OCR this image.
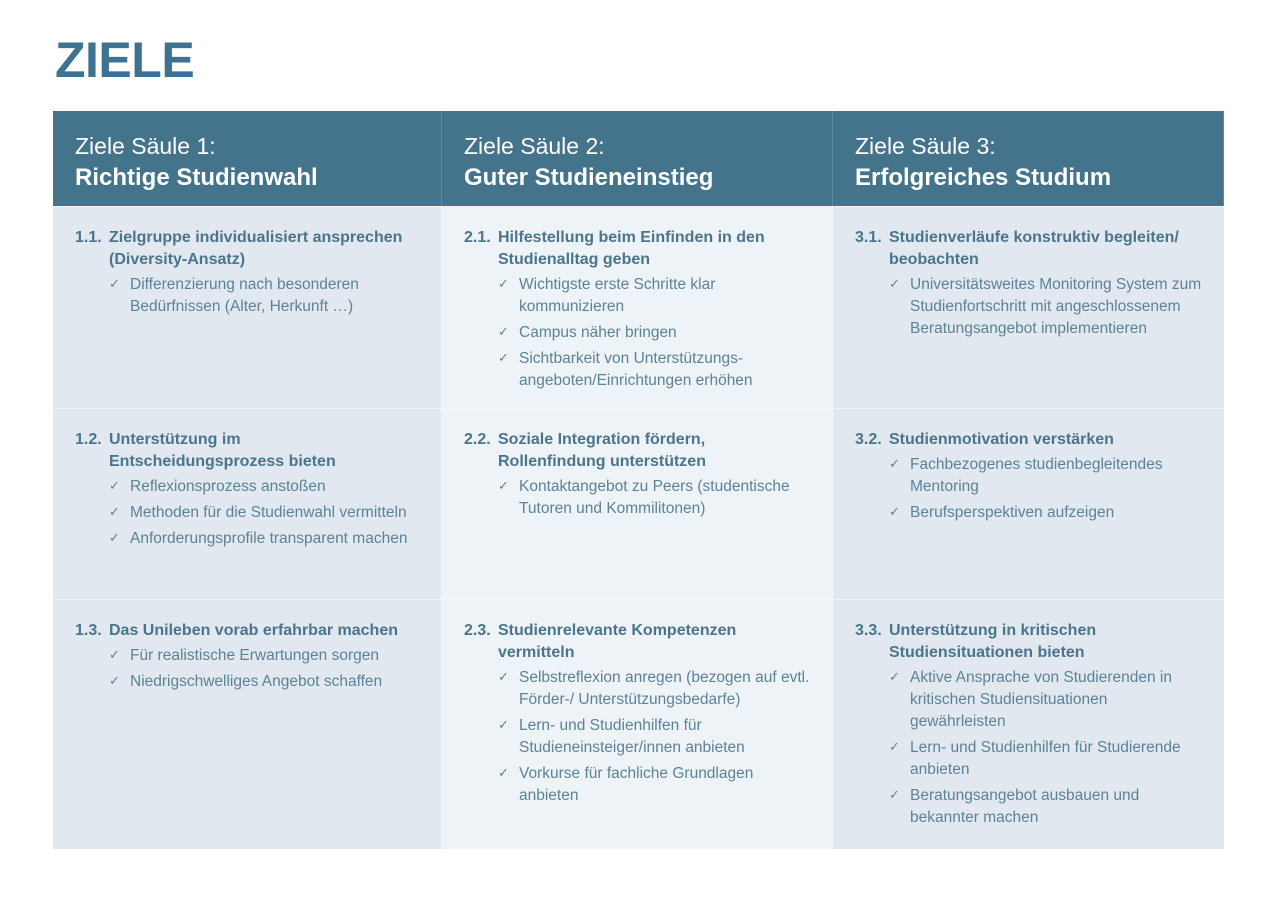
ZIELE
Ziele Säule 1:
Richtige Studienwahl
Ziele Säule 2:
Guter Studieneinstieg
Ziele Säule 3:
Erfolgreiches Studium
1.1. Zielgruppe individualisiert ansprechen (Diversity-Ansatz)
✓ Differenzierung nach besonderen Bedürfnissen (Alter, Herkunft …)
2.1. Hilfestellung beim Einfinden in den Studienalltag geben
✓ Wichtigste erste Schritte klar kommunizieren
✓ Campus näher bringen
✓ Sichtbarkeit von Unterstützungs-angeboten/Einrichtungen erhöhen
3.1. Studienverläufe konstruktiv begleiten/ beobachten
✓ Universitätsweites Monitoring System zum Studienfortschritt mit angeschlossenem Beratungsangebot implementieren
1.2. Unterstützung im Entscheidungsprozess bieten
✓ Reflexionsprozess anstoßen
✓ Methoden für die Studienwahl vermitteln
✓ Anforderungsprofile transparent machen
2.2. Soziale Integration fördern, Rollenfindung unterstützen
✓ Kontaktangebot zu Peers (studentische Tutoren und Kommilitonen)
3.2. Studienmotivation verstärken
✓ Fachbezogenes studienbegleitendes Mentoring
✓ Berufsperspektiven aufzeigen
1.3. Das Unileben vorab erfahrbar machen
✓ Für realistische Erwartungen sorgen
✓ Niedrigschwelliges Angebot schaffen
2.3. Studienrelevante Kompetenzen vermitteln
✓ Selbstreflexion anregen (bezogen auf evtl. Förder-/ Unterstützungsbedarfe)
✓ Lern- und Studienhilfen für Studieneinsteiger/innen anbieten
✓ Vorkurse für fachliche Grundlagen anbieten
3.3. Unterstützung in kritischen Studiensituationen bieten
✓ Aktive Ansprache von Studierenden in kritischen Studiensituationen gewährleisten
✓ Lern- und Studienhilfen für Studierende anbieten
✓ Beratungsangebot ausbauen und bekannter machen
